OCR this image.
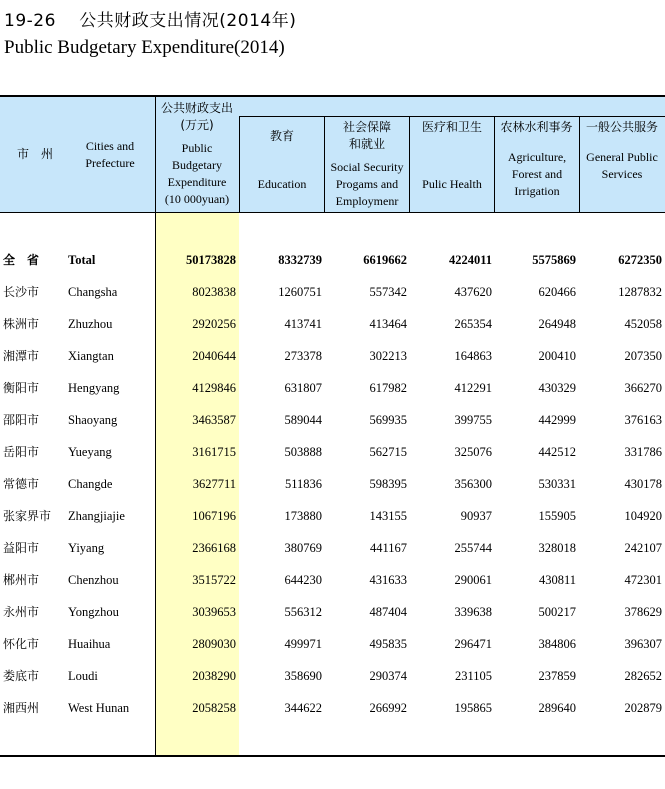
19-26　 公共财政支出情况(2014年)
Public Budgetary Expenditure(2014)
市　州
Cities and
Prefecture
公共财政支出
(万元)
Public
Budgetary
Expenditure
(10 000yuan)
教育
Education
社会保障
和就业
Social Security
Progams and
Employmenr
医疗和卫生
Pulic Health
农林水利事务
Agriculture,
Forest and
Irrigation
一般公共服务
General Public
Services
全　省 Total	50173828	8332739	6619662	4224011	5575869	6272350
长沙市 Changsha	8023838	1260751	557342	437620	620466	1287832
株洲市 Zhuzhou	2920256	413741	413464	265354	264948	452058
湘潭市 Xiangtan	2040644	273378	302213	164863	200410	207350
衡阳市 Hengyang	4129846	631807	617982	412291	430329	366270
邵阳市 Shaoyang	3463587	589044	569935	399755	442999	376163
岳阳市 Yueyang	3161715	503888	562715	325076	442512	331786
常德市 Changde	3627711	511836	598395	356300	530331	430178
张家界市 Zhangjiajie	1067196	173880	143155	90937	155905	104920
益阳市 Yiyang	2366168	380769	441167	255744	328018	242107
郴州市 Chenzhou	3515722	644230	431633	290061	430811	472301
永州市 Yongzhou	3039653	556312	487404	339638	500217	378629
怀化市 Huaihua	2809030	499971	495835	296471	384806	396307
娄底市 Loudi	2038290	358690	290374	231105	237859	282652
湘西州 West Hunan	2058258	344622	266992	195865	289640	202879
